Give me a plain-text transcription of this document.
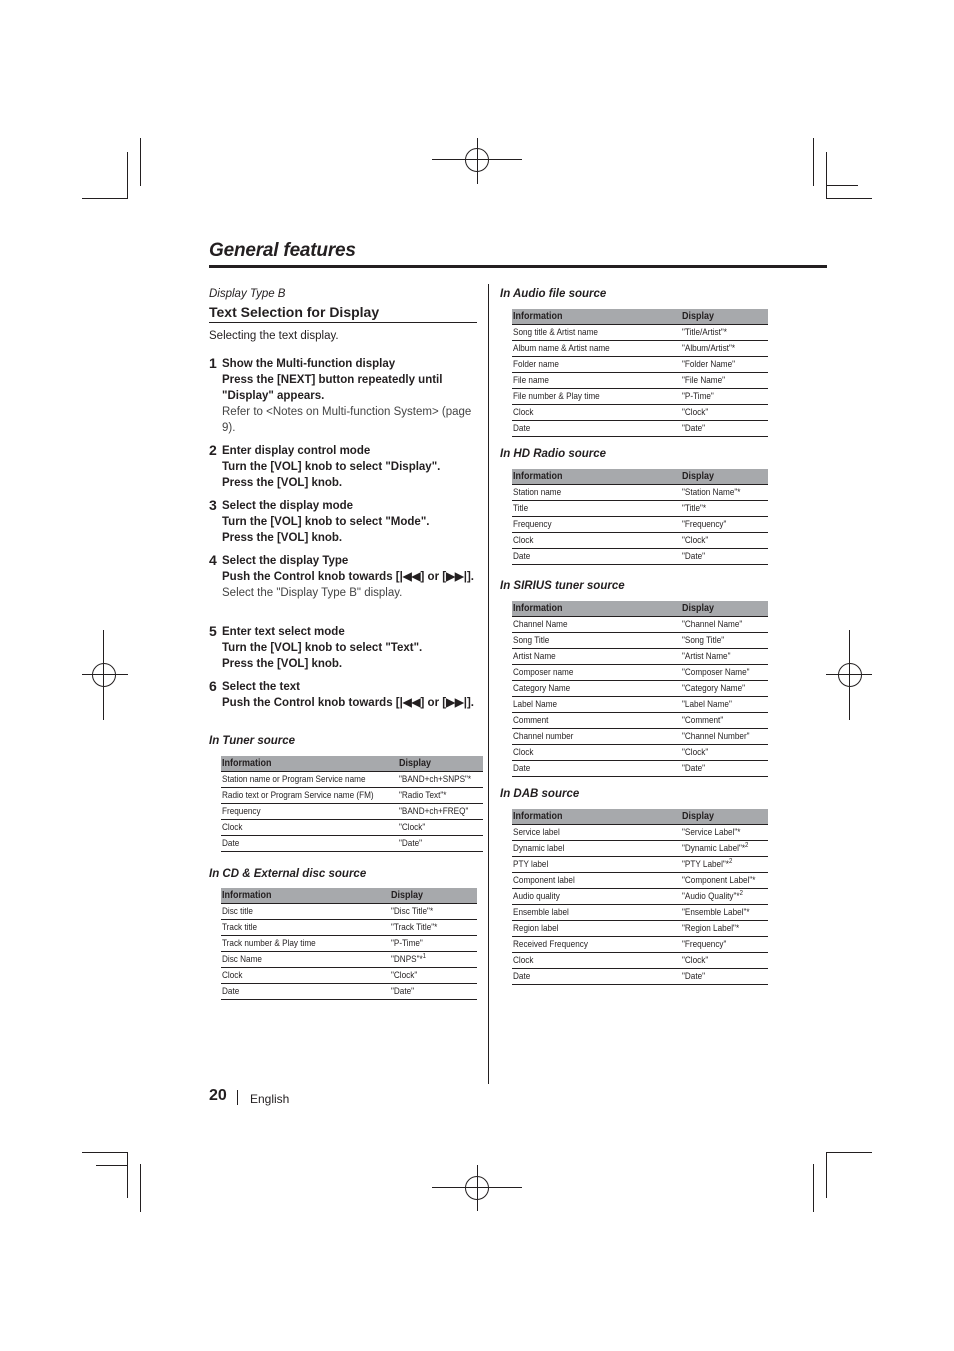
General features
Display Type B
Text Selection for Display
Selecting the text display.
1 Show the Multi-function display
Press the [NEXT] button repeatedly until "Display" appears.
Refer to <Notes on Multi-function System> (page 9).
2 Enter display control mode
Turn the [VOL] knob to select "Display".
Press the [VOL] knob.
3 Select the display mode
Turn the [VOL] knob to select "Mode".
Press the [VOL] knob.
4 Select the display Type
Push the Control knob towards [|◀◀] or [▶▶|].
Select the "Display Type B" display.
5 Enter text select mode
Turn the [VOL] knob to select "Text".
Press the [VOL] knob.
6 Select the text
Push the Control knob towards [|◀◀] or [▶▶|].
In Tuner source
Information	Display
Station name or Program Service name	"BAND+ch+SNPS"*
Radio text or Program Service name (FM)	"Radio Text"*
Frequency	"BAND+ch+FREQ"
Clock	"Clock"
Date	"Date"
In CD & External disc source
Information	Display
Disc title	"Disc Title"*
Track title	"Track Title"*
Track number & Play time	"P-Time"
Disc Name	"DNPS"*$^1$
Clock	"Clock"
Date	"Date"
In Audio file source
Information	Display
Song title & Artist name	"Title/Artist"*
Album name & Artist name	"Album/Artist"*
Folder name	"Folder Name"
File name	"File Name"
File number & Play time	"P-Time"
Clock	"Clock"
Date	"Date"
In HD Radio source
Information	Display
Station name	"Station Name"*
Title	"Title"*
Frequency	"Frequency"
Clock	"Clock"
Date	"Date"
In SIRIUS tuner source
Information	Display
Channel Name	"Channel Name"
Song Title	"Song Title"
Artist Name	"Artist Name"
Composer name	"Composer Name"
Category Name	"Category Name"
Label Name	"Label Name"
Comment	"Comment"
Channel number	"Channel Number"
Clock	"Clock"
Date	"Date"
In DAB source
Information	Display
Service label	"Service Label"*
Dynamic label	"Dynamic Label"*$^2$
PTY label	"PTY Label"*$^2$
Component label	"Component Label"*
Audio quality	"Audio Quality"*$^2$
Ensemble label	"Ensemble Label"*
Region label	"Region Label"*
Received Frequency	"Frequency"
Clock	"Clock"
Date	"Date"
20 English
